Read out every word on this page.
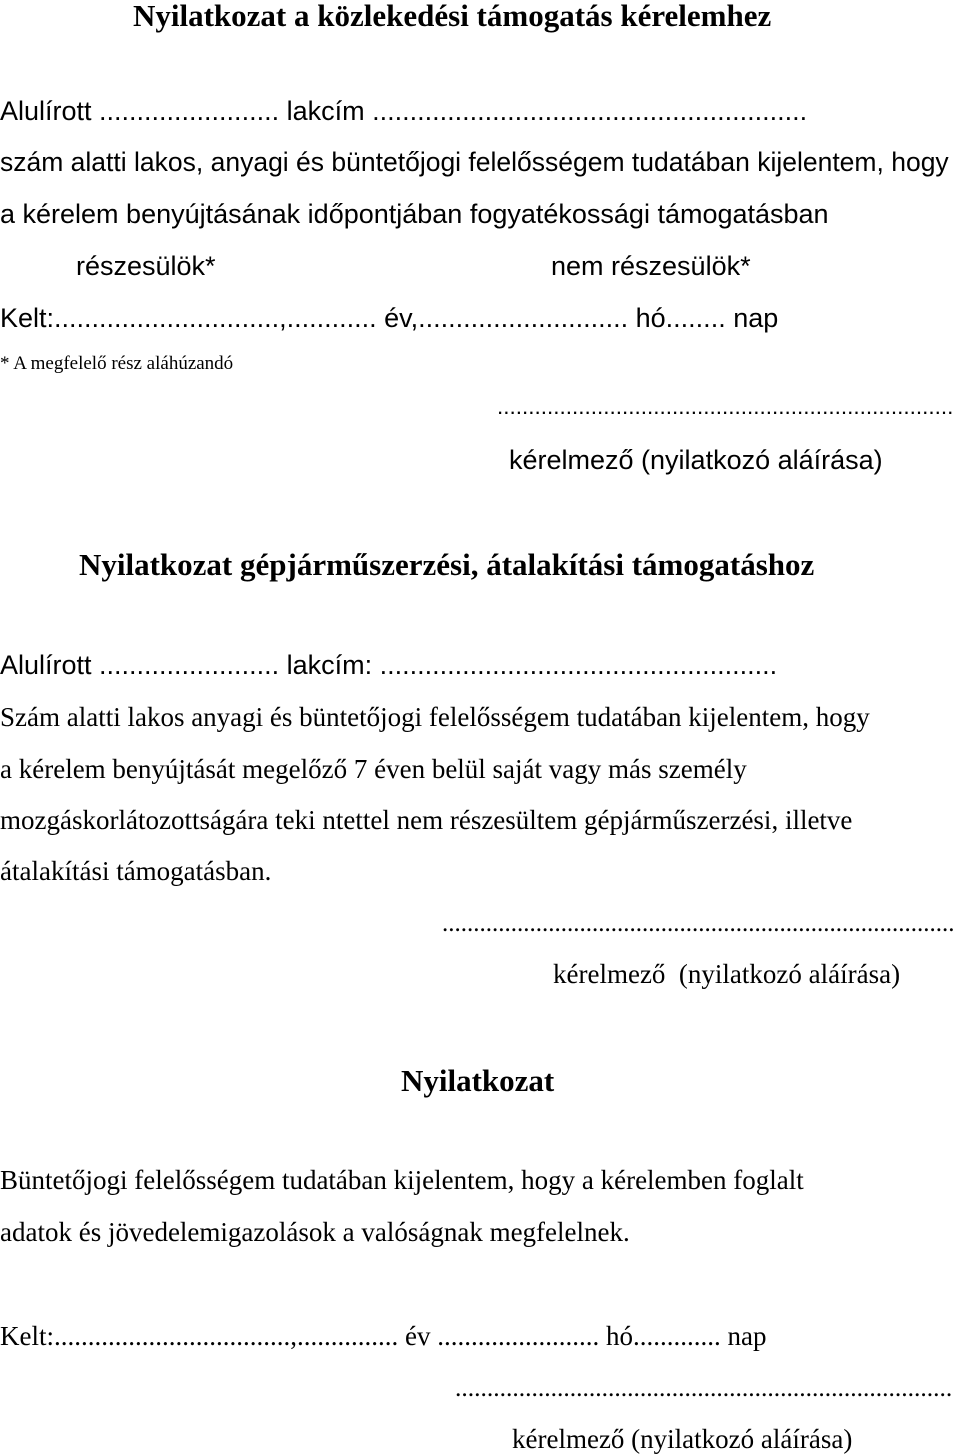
Nyilatkozat a közlekedési támogatás kérelemhez
Alulírott ........................ lakcím ..........................................................
szám alatti lakos, anyagi és büntetőjogi felelősségem tudatában kijelentem, hogy
a kérelem benyújtásának időpontjában fogyatékossági támogatásban
részesülök*	nem részesülök*
Kelt:..............................,............ év,............................ hó........ nap
* A megfelelő rész aláhúzandó
.........................................................................
kérelmező (nyilatkozó aláírása)
Nyilatkozat gépjárműszerzési, átalakítási támogatáshoz
Alulírott ........................ lakcím: .....................................................
Szám alatti lakos anyagi és büntetőjogi felelősségem tudatában kijelentem, hogy
a kérelem benyújtását megelőző 7 éven belül saját vagy más személy
mozgáskorlátozottságára teki ntettel nem részesültem gépjárműszerzési, illetve
átalakítási támogatásban.
..................................................................................
kérelmező  (nyilatkozó aláírása)
Nyilatkozat
Büntetőjogi felelősségem tudatában kijelentem, hogy a kérelemben foglalt
adatok és jövedelemigazolások a valóságnak megfelelnek.
Kelt:...................................,............... év ........................ hó............. nap
..............................................................................
kérelmező (nyilatkozó aláírása)
